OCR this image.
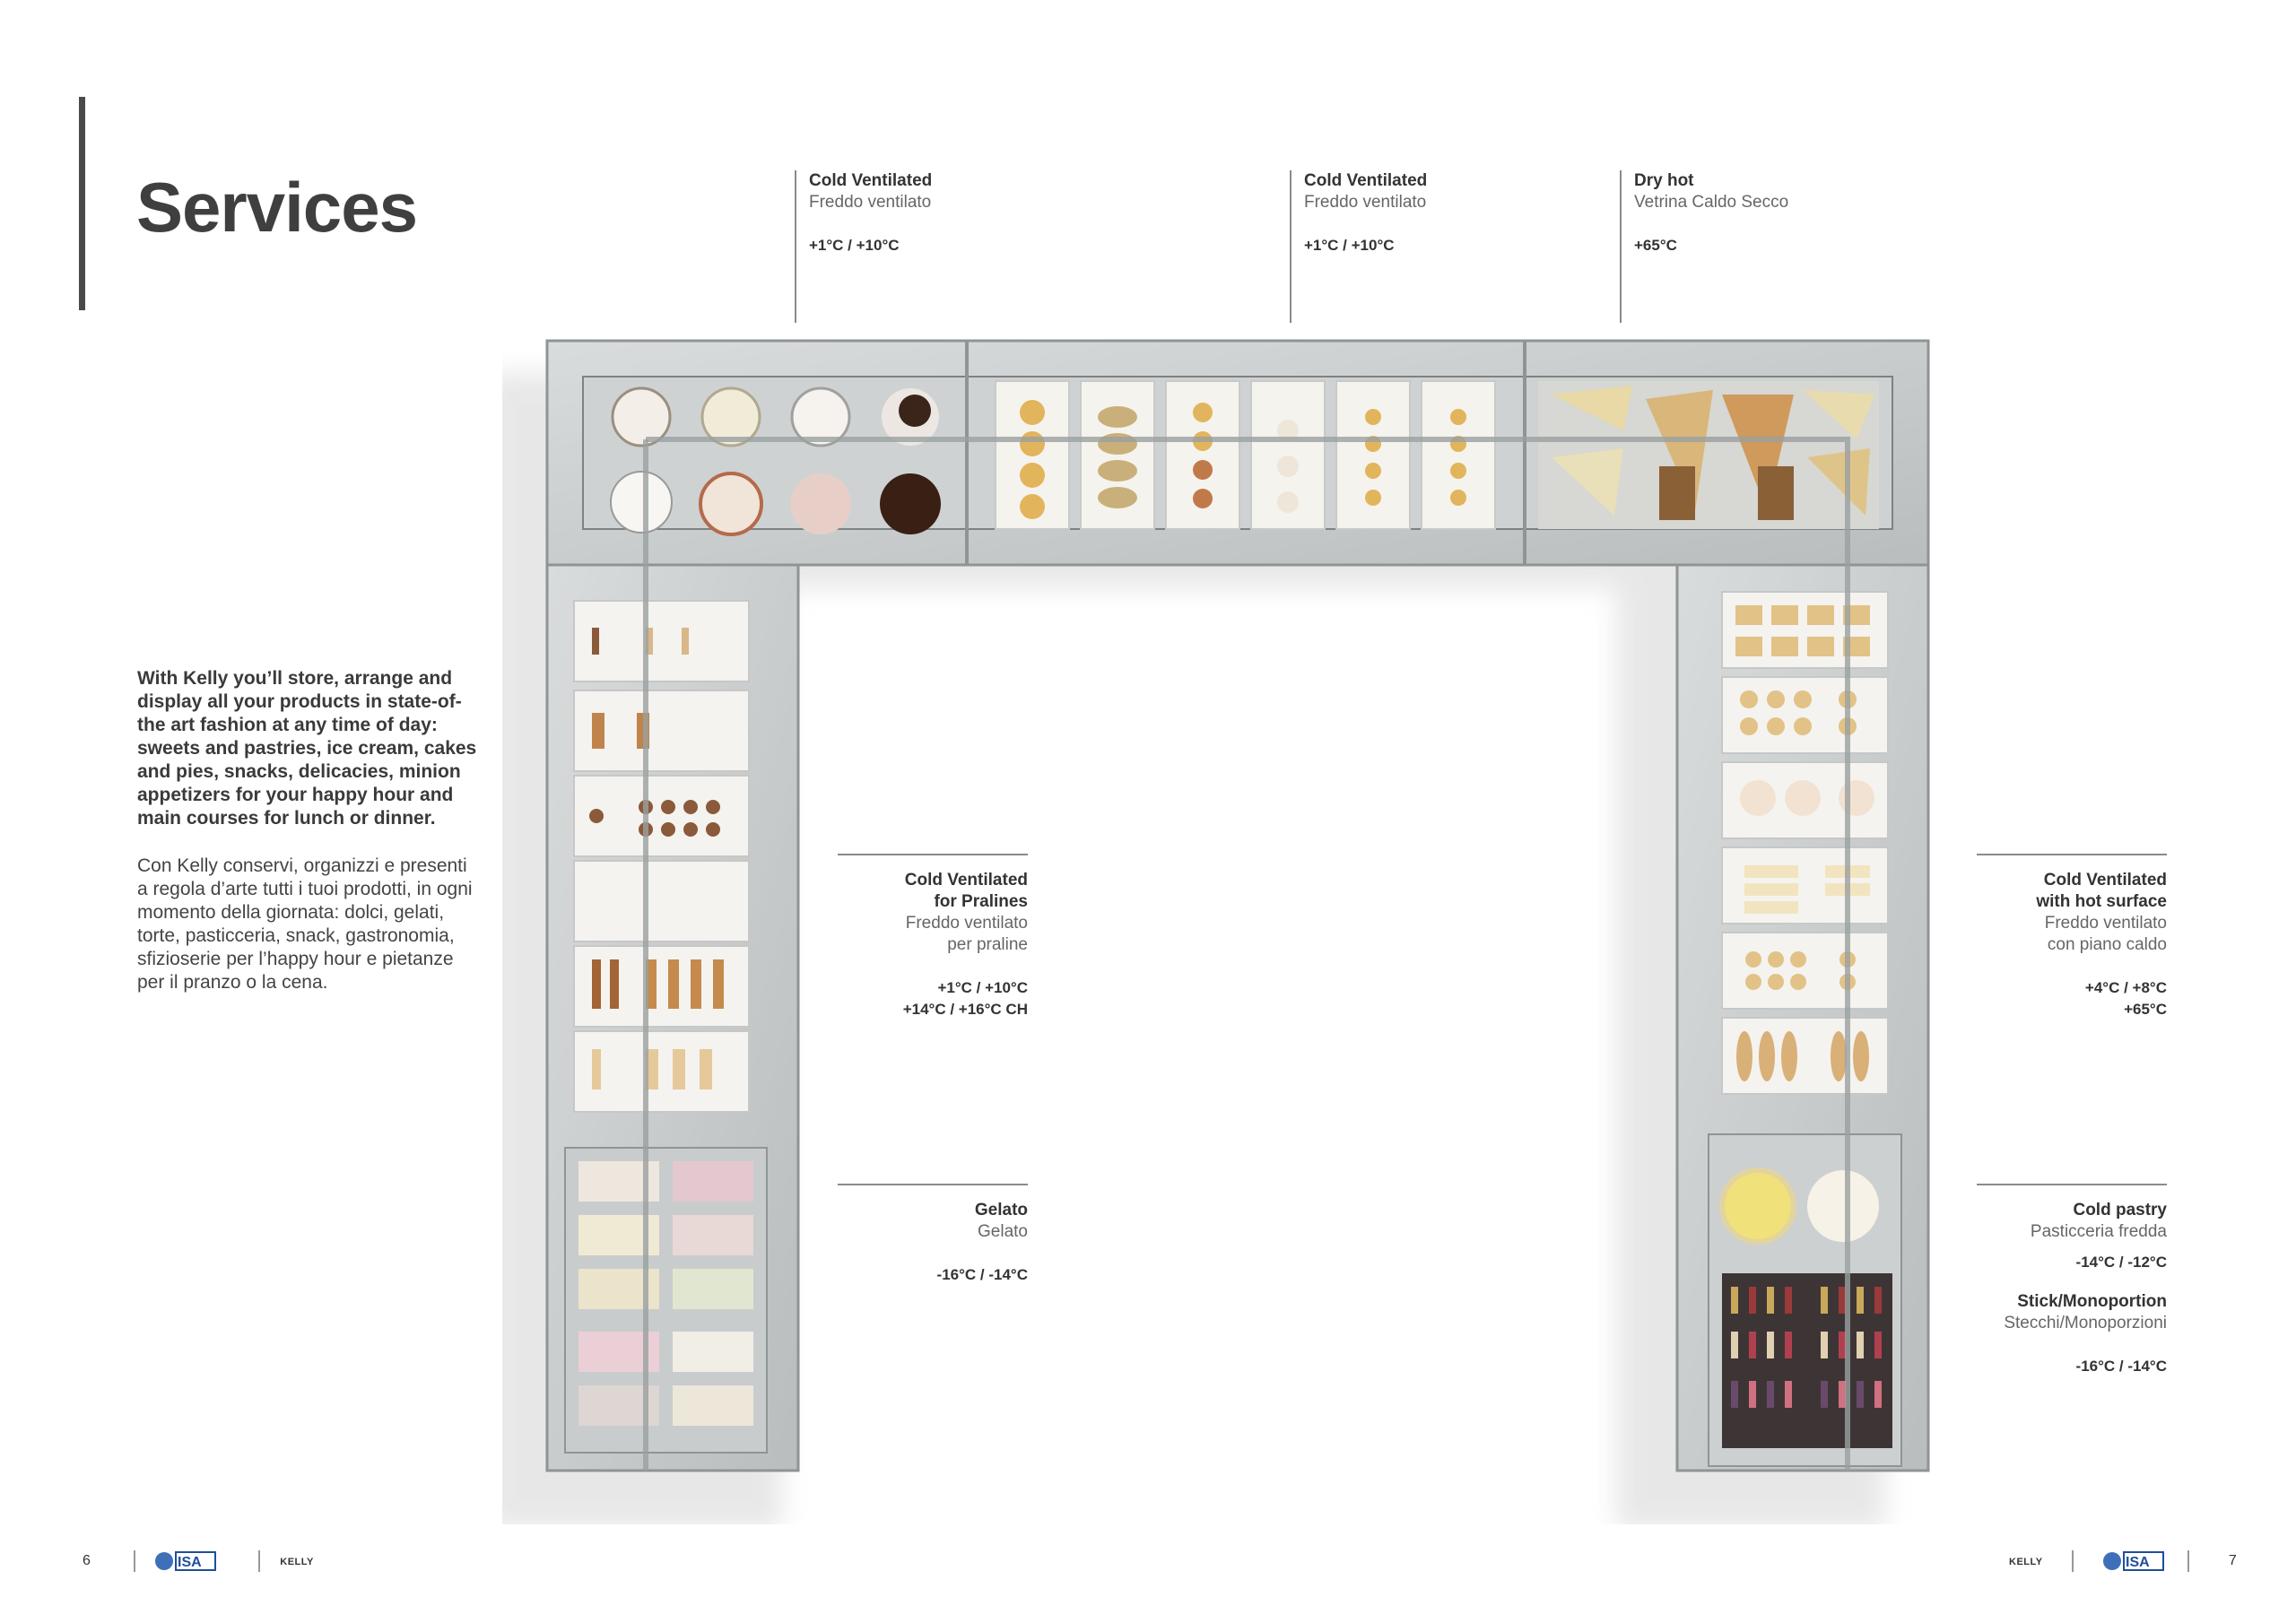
Services

With Kelly you’ll store, arrange and display all your products in state-of-the art fashion at any time of day: sweets and pastries, ice cream, cakes and pies, snacks, delicacies, minion appetizers for your happy hour and main courses for lunch or dinner.

Con Kelly conservi, organizzi e presenti a regola d’arte tutti i tuoi prodotti, in ogni momento della giornata: dolci, gelati, torte, pasticceria, snack, gastronomia, sfizioserie per l’happy hour e pietanze per il pranzo o la cena.

Cold Ventilated
Freddo ventilato
+1°C / +10°C
Cold Ventilated
Freddo ventilato
+1°C / +10°C
Dry hot
Vetrina Caldo Secco
+65°C
Cold Ventilated
for Pralines
Freddo ventilato
per praline
+1°C / +10°C
+14°C / +16°C CH
Gelato
Gelato
-16°C / -14°C
Cold Ventilated
with hot surface
Freddo ventilato
con piano caldo
+4°C / +8°C
+65°C
Cold pastry
Pasticceria fredda
-14°C / -12°C
Stick/Monoportion
Stecchi/Monoporzioni
-16°C / -14°C
6	ISA	KELLY	KELLY	ISA	7
